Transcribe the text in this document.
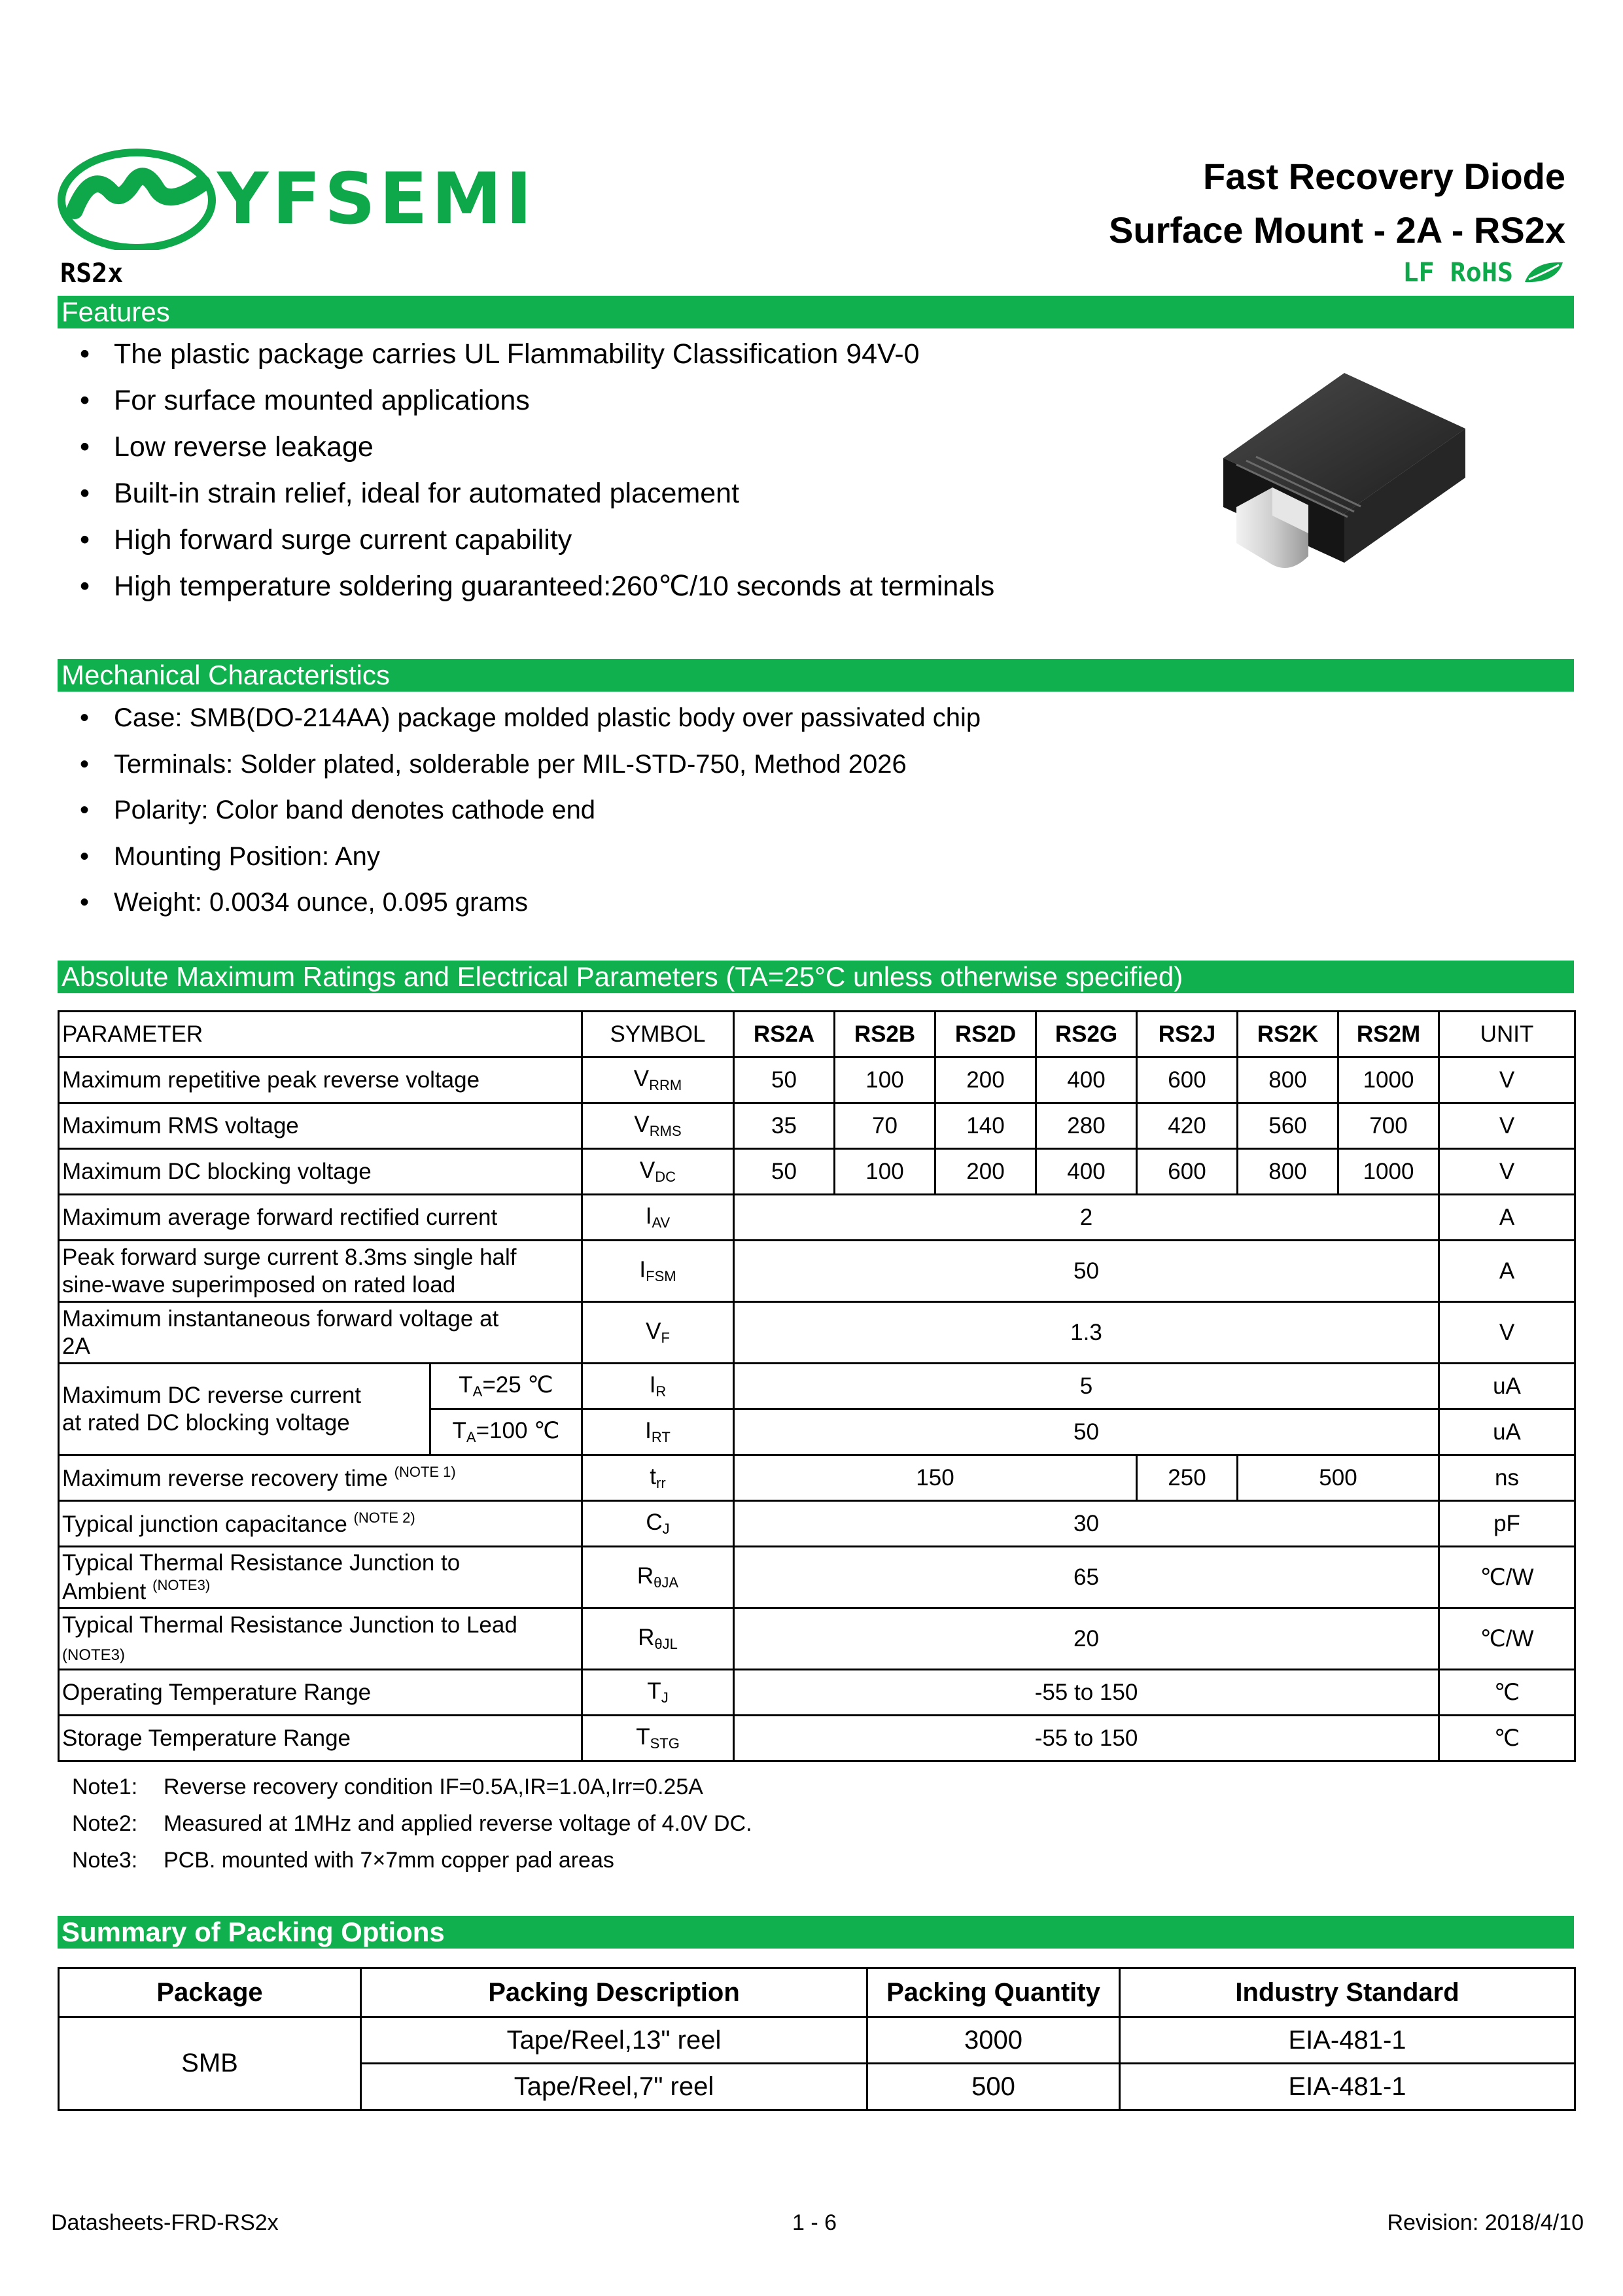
YFSEMI
RS2x
Fast Recovery Diode
Surface Mount - 2A - RS2x
LF RoHS
Features
• The plastic package carries UL Flammability Classification 94V-0
• For surface mounted applications
• Low reverse leakage
• Built-in strain relief, ideal for automated placement
• High forward surge current capability
• High temperature soldering guaranteed:260℃/10 seconds at terminals
Mechanical Characteristics
• Case: SMB(DO-214AA) package molded plastic body over passivated chip
• Terminals: Solder plated, solderable per MIL-STD-750, Method 2026
• Polarity: Color band denotes cathode end
• Mounting Position: Any
• Weight: 0.0034 ounce, 0.095 grams
Absolute Maximum Ratings and Electrical Parameters (TA=25°C unless otherwise specified)
PARAMETER		SYMBOL	RS2A	RS2B	RS2D	RS2G	RS2J	RS2K	RS2M	UNIT
Maximum repetitive peak reverse voltage		$V_{RRM}$	50	100	200	400	600	800	1000	V
Maximum RMS voltage		$V_{RMS}$	35	70	140	280	420	560	700	V
Maximum DC blocking voltage		$V_{DC}$	50	100	200	400	600	800	1000	V
Maximum average forward rectified current		$I_{AV}$	2							A
Peak forward surge current 8.3ms single half
sine-wave superimposed on rated load		$I_{FSM}$	50							A
Maximum instantaneous forward voltage at
2A		$V_F$	1.3							V
Maximum DC reverse current
at rated DC blocking voltage	$T_A=25$ ℃	$I_R$	5							uA
	$T_A=100$ ℃	$I_{RT}$	50							uA
Maximum reverse recovery time $^{(NOTE 1)}$		$t_{rr}$	150				250	500		ns
Typical junction capacitance $^{(NOTE 2)}$		$C_J$	30							pF
Typical Thermal Resistance Junction to
Ambient $^{(NOTE3)}$		$R_{\theta JA}$	65							℃/W
Typical Thermal Resistance Junction to Lead
(NOTE3)		$R_{\theta JL}$	20							℃/W
Operating Temperature Range		$T_J$	-55 to 150							℃
Storage Temperature Range		$T_{STG}$	-55 to 150							℃
Note1: Reverse recovery condition IF=0.5A,IR=1.0A,Irr=0.25A
Note2: Measured at 1MHz and applied reverse voltage of 4.0V DC.
Note3: PCB. mounted with 7×7mm copper pad areas
Summary of Packing Options
Package	Packing Description	Packing Quantity	Industry Standard
SMB	Tape/Reel,13" reel	3000	EIA-481-1
	Tape/Reel,7" reel	500	EIA-481-1
Datasheets-FRD-RS2x	1 - 6	Revision: 2018/4/10
